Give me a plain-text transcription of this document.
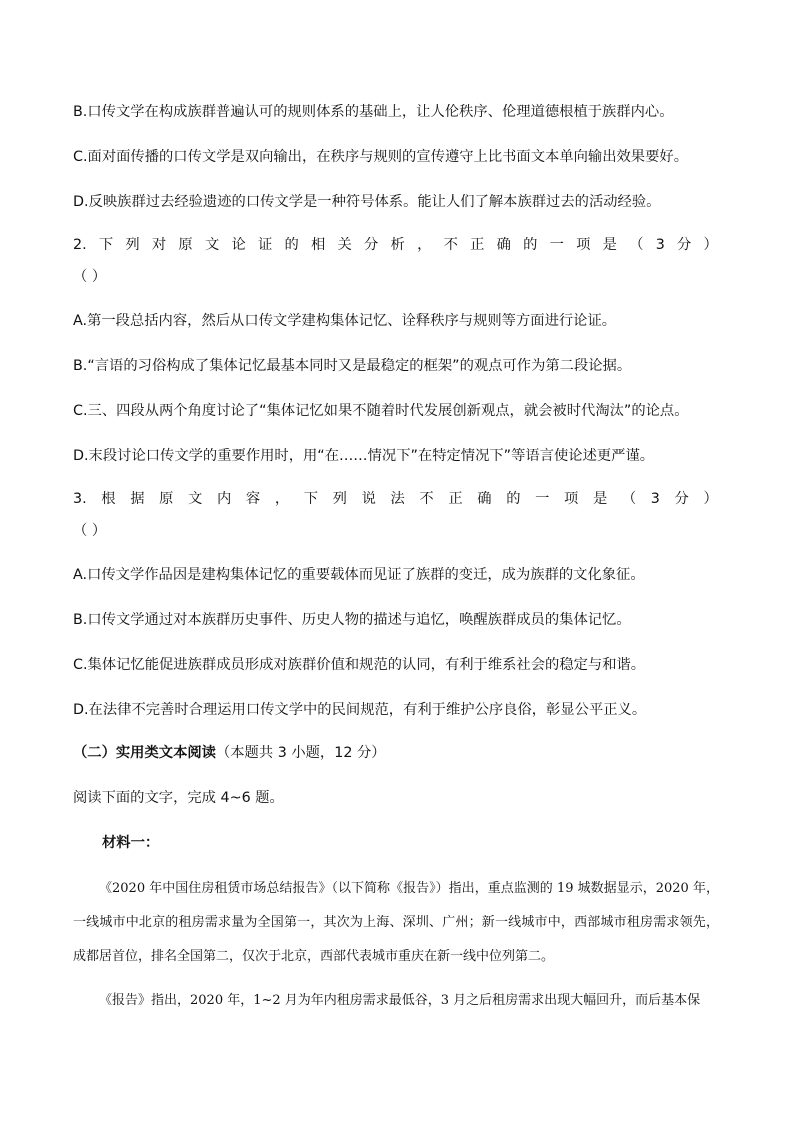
B.口传文学在构成族群普遍认可的规则体系的基础上，让人伦秩序、伦理道德根植于族群内心。
C.面对面传播的口传文学是双向输出，在秩序与规则的宣传遵守上比书面文本单向输出效果要好。
D.反映族群过去经验遗迹的口传文学是一种符号体系。能让人们了解本族群过去的活动经验。
2. 下 列 对 原 文 论 证 的 相 关 分 析 ， 不 正 确 的 一 项 是 （ 3 分 ）
（ ）
A.第一段总括内容，然后从口传文学建构集体记忆、诠释秩序与规则等方面进行论证。
B.“言语的习俗构成了集体记忆最基本同时又是最稳定的框架”的观点可作为第二段论据。
C.三、四段从两个角度讨论了“集体记忆如果不随着时代发展创新观点，就会被时代淘汰”的论点。
D.末段讨论口传文学的重要作用时，用“在……情况下”在特定情况下”等语言使论述更严谨。
3. 根 据 原 文 内 容 ， 下 列 说 法 不 正 确 的 一 项 是 （ 3 分 ）
（ ）
A.口传文学作品因是建构集体记忆的重要载体而见证了族群的变迁，成为族群的文化象征。
B.口传文学通过对本族群历史事件、历史人物的描述与追忆，唤醒族群成员的集体记忆。
C.集体记忆能促进族群成员形成对族群价值和规范的认同，有利于维系社会的稳定与和谐。
D.在法律不完善时合理运用口传文学中的民间规范，有利于维护公序良俗，彰显公平正义。
（二）实用类文本阅读（本题共 3 小题，12 分）
阅读下面的文字，完成 4~6 题。
材料一：
《2020 年中国住房租赁市场总结报告》（以下简称《报告》）指出，重点监测的 19 城数据显示，2020 年，一线城市中北京的租房需求量为全国第一，其次为上海、深圳、广州；新一线城市中，西部城市租房需求领先，成都居首位，排名全国第二，仅次于北京，西部代表城市重庆在新一线中位列第二。
《报告》指出，2020 年，1~2 月为年内租房需求最低谷，3 月之后租房需求出现大幅回升，而后基本保
